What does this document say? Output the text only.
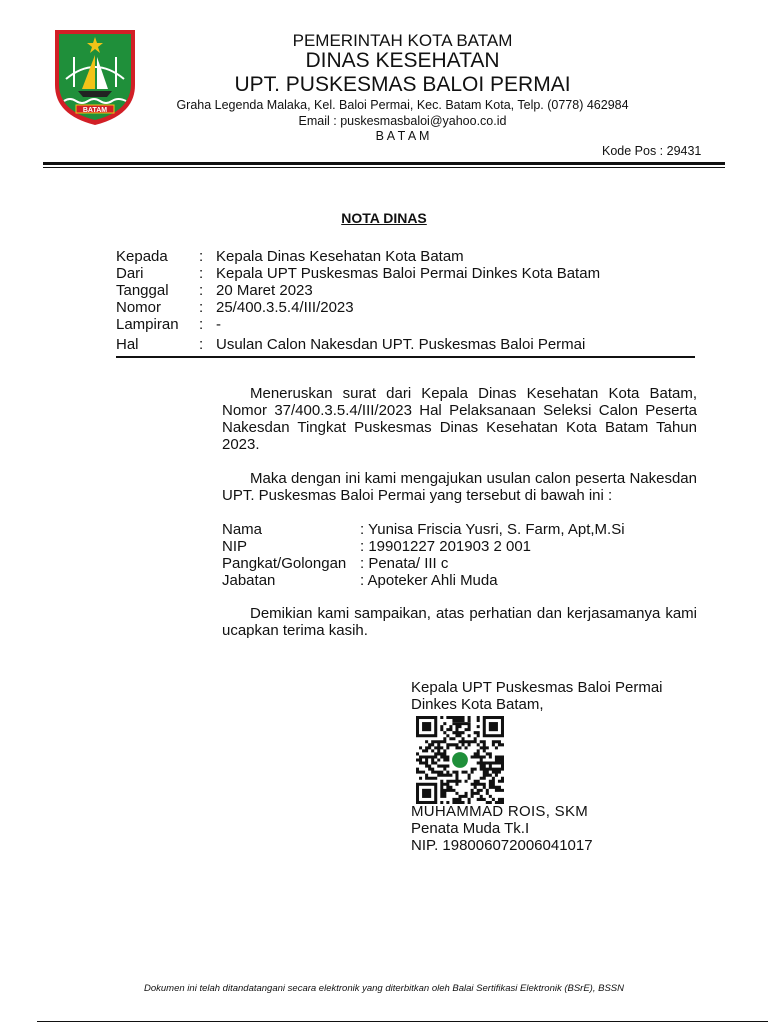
BATAM
PEMERINTAH KOTA BATAM
DINAS KESEHATAN
UPT. PUSKESMAS BALOI PERMAI
Graha Legenda Malaka, Kel. Baloi Permai, Kec. Batam Kota, Telp. (0778) 462984
Email : puskesmasbaloi@yahoo.co.id
B A T A M
Kode Pos : 29431
NOTA DINAS
Kepada : Kepala Dinas Kesehatan Kota Batam
Dari	: Kepala UPT Puskesmas Baloi Permai Dinkes Kota Batam
Tanggal : 20 Maret 2023
Nomor	: 25/400.3.5.4/III/2023
Lampiran : -
Hal	: Usulan Calon Nakesdan UPT. Puskesmas Baloi Permai
Meneruskan surat dari Kepala Dinas Kesehatan Kota Batam, Nomor 37/400.3.5.4/III/2023 Hal Pelaksanaan Seleksi Calon Peserta Nakesdan Tingkat Puskesmas Dinas Kesehatan Kota Batam Tahun 2023.
Maka dengan ini kami mengajukan usulan calon peserta Nakesdan UPT. Puskesmas Baloi Permai yang tersebut di bawah ini :
Nama	: Yunisa Friscia Yusri, S. Farm, Apt,M.Si
NIP	: 19901227 201903 2 001
Pangkat/Golongan : Penata/ III c
Jabatan	: Apoteker Ahli Muda
Demikian kami sampaikan, atas perhatian dan kerjasamanya kami ucapkan terima kasih.
Kepala UPT Puskesmas Baloi Permai
Dinkes Kota Batam,
MUHAMMAD ROIS, SKM
Penata Muda Tk.I
NIP. 198006072006041017
Dokumen ini telah ditandatangani secara elektronik yang diterbitkan oleh Balai Sertifikasi Elektronik (BSrE), BSSN
